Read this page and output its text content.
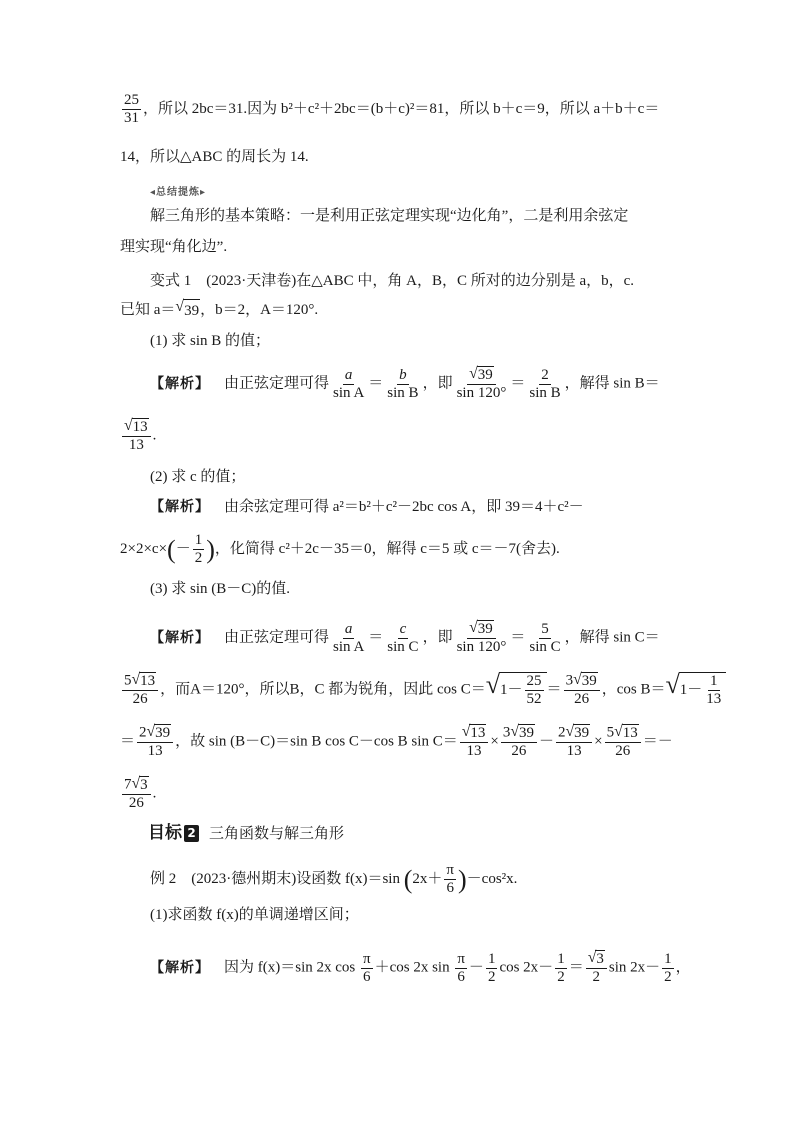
$\frac{25}{31}$ ，所以 2bc＝31.因为 b²＋c²＋2bc＝(b＋c)²＝81，所以 b＋c＝9，所以 a＋b＋c＝
14，所以△ABC 的周长为 14.
◂总结提炼▸
解三角形的基本策略：一是利用正弦定理实现“边化角”，二是利用余弦定
理实现“角化边”.
变式 1　(2023·天津卷)在△ABC 中，角 A，B，C 所对的边分别是 a，b，c.
已知 a＝ √ 39 ，b＝2，A＝120°.
(1) 求 sin B 的值；
【解析】 由正弦定理可得 $\frac{a}{\text{sin A}} = \frac{b}{\text{sin B}}$ ，即 $\frac{√ 39}{\sin 120^\circ} = \frac{2}{\text{sin B}}$ ，解得 sin B＝
$\frac{√ 13}{13}$ .
(2) 求 c 的值；
【解析】 由余弦定理可得 a²＝b²＋c²－2bc cos A，即 39＝4＋c²－
$2\times 2\times c\times(- \frac{1}{2}$ )，化简得 c²＋2c－35＝0，解得 c＝5 或 c＝－7(舍去).
(3) 求 sin (B－C)的值.
【解析】 由正弦定理可得 $\frac{a}{\text{sin A}} = \frac{c}{\text{sin C}}$ ，即 $\frac{√ 39}{\sin 120^\circ} = \frac{5}{\text{sin C}}$ ，解得 sin C＝
$\frac{5 √ 13}{26}$ ，而A＝120°，所以B，C 都为锐角，因此 cos C＝ √ $1- \frac{25}{52} = \frac{3 √ 39}{26}$ ，cos B＝ √ $1- \frac{1}{13}$
＝ $\frac{2 √ 39}{13}$ ，故 sin (B－C)＝sin B cos C－cos B $\sin C= \frac{√ 13}{13} \times \frac{3 √ 39}{26} - \frac{2 √ 39}{13} \times \frac{5 √ 13}{26}$ ＝－
$\frac{7 √ 3}{26}$ .
目标 2 三角函数与解三角形
例 2　(2023·德州期末)设函数 f(x)＝sin $(2x+ \frac{\pi}{6} )-\cos^2x$.
(1)求函数 f(x)的单调递增区间；
【解析】 因为 f(x)＝sin 2x $\cos \frac{\pi}{6} +\cos$ 2x $\sin \frac{\pi}{6} - \frac{1}{2}$ $\cos 2x- \frac{1}{2} = \frac{√ 3}{2}$ $\sin 2x- \frac{1}{2}$ ，
